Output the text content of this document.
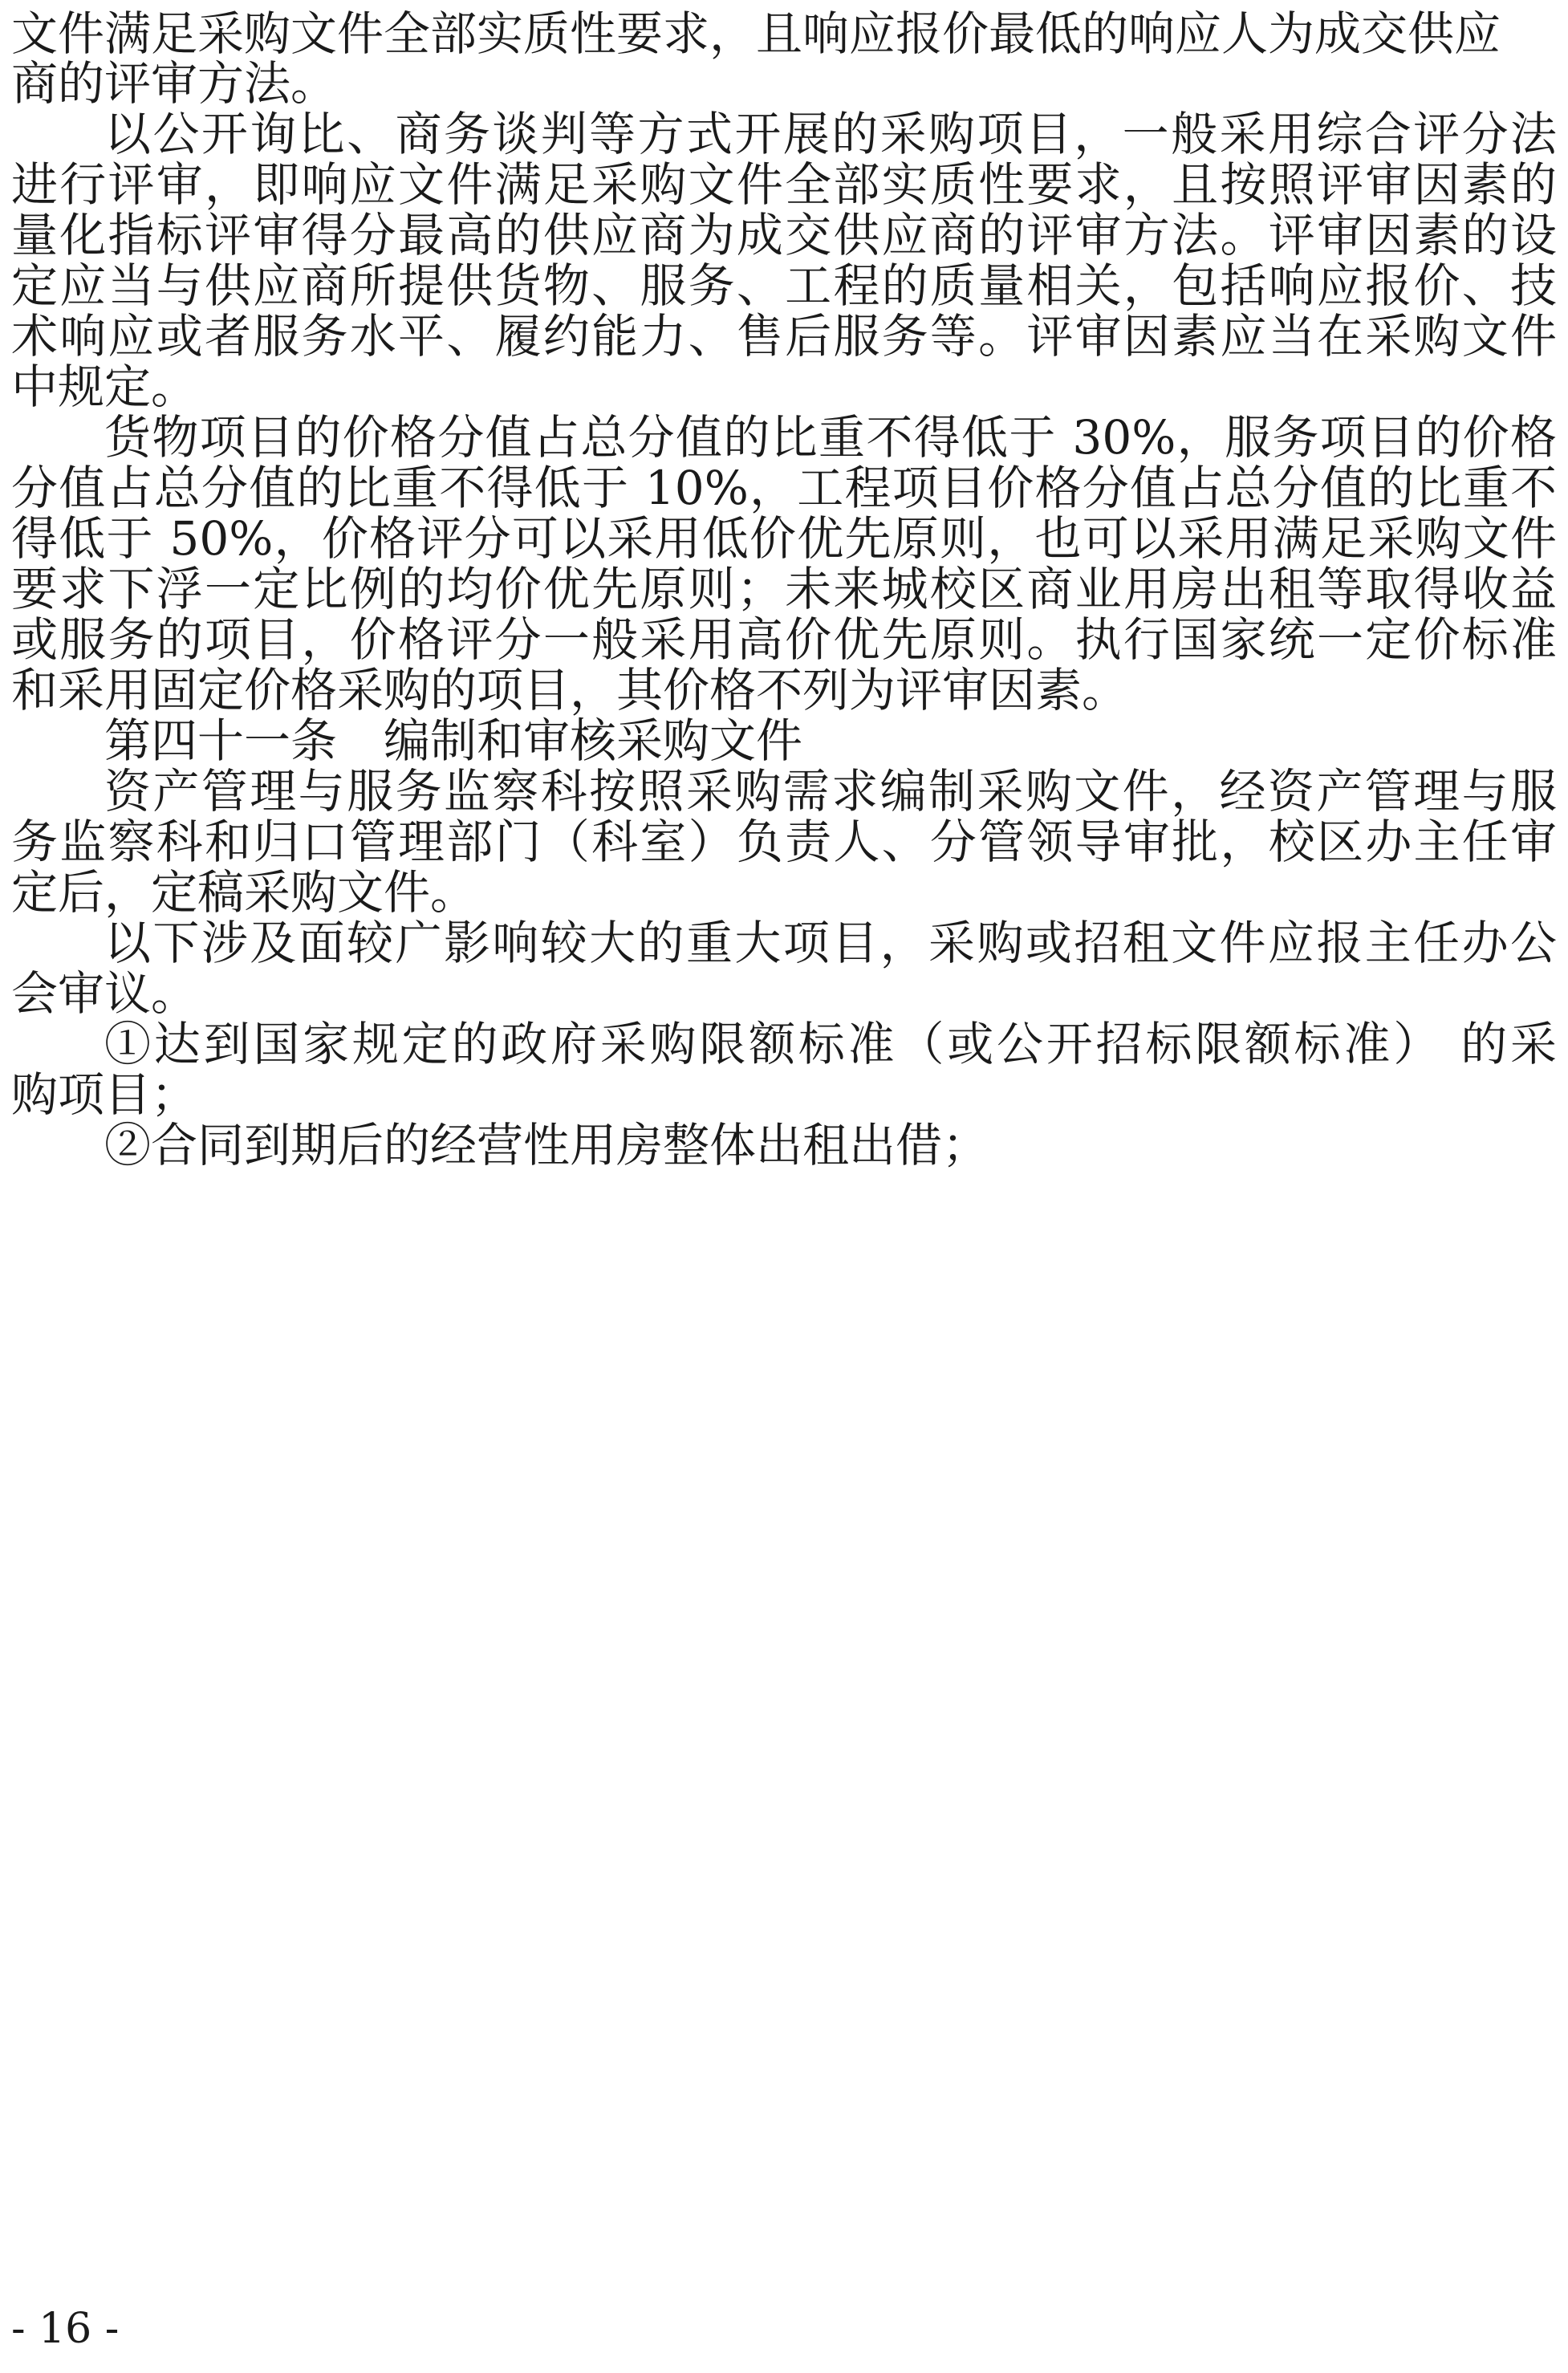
文件满足采购文件全部实质性要求，且响应报价最低的响应人为成交供应
商的评审方法。
以公开询比、商务谈判等方式开展的采购项目，一般采用综合评分法
进行评审，即响应文件满足采购文件全部实质性要求，且按照评审因素的
量化指标评审得分最高的供应商为成交供应商的评审方法。评审因素的设
定应当与供应商所提供货物、服务、工程的质量相关，包括响应报价、技
术响应或者服务水平、履约能力、售后服务等。评审因素应当在采购文件
中规定。
货物项目的价格分值占总分值的比重不得低于 30%，服务项目的价格
分值占总分值的比重不得低于 10%，工程项目价格分值占总分值的比重不
得低于 50%，价格评分可以采用低价优先原则，也可以采用满足采购文件
要求下浮一定比例的均价优先原则；未来城校区商业用房出租等取得收益
或服务的项目，价格评分一般采用高价优先原则。执行国家统一定价标准
和采用固定价格采购的项目，其价格不列为评审因素。
第四十一条 编制和审核采购文件
资产管理与服务监察科按照采购需求编制采购文件，经资产管理与服
务监察科和归口管理部门（科室）负责人、分管领导审批，校区办主任审
定后，定稿采购文件。
以下涉及面较广影响较大的重大项目，采购或招租文件应报主任办公
会审议。
①达到国家规定的政府采购限额标准（或公开招标限额标准） 的采
购项目；
②合同到期后的经营性用房整体出租出借；
- 16 -
